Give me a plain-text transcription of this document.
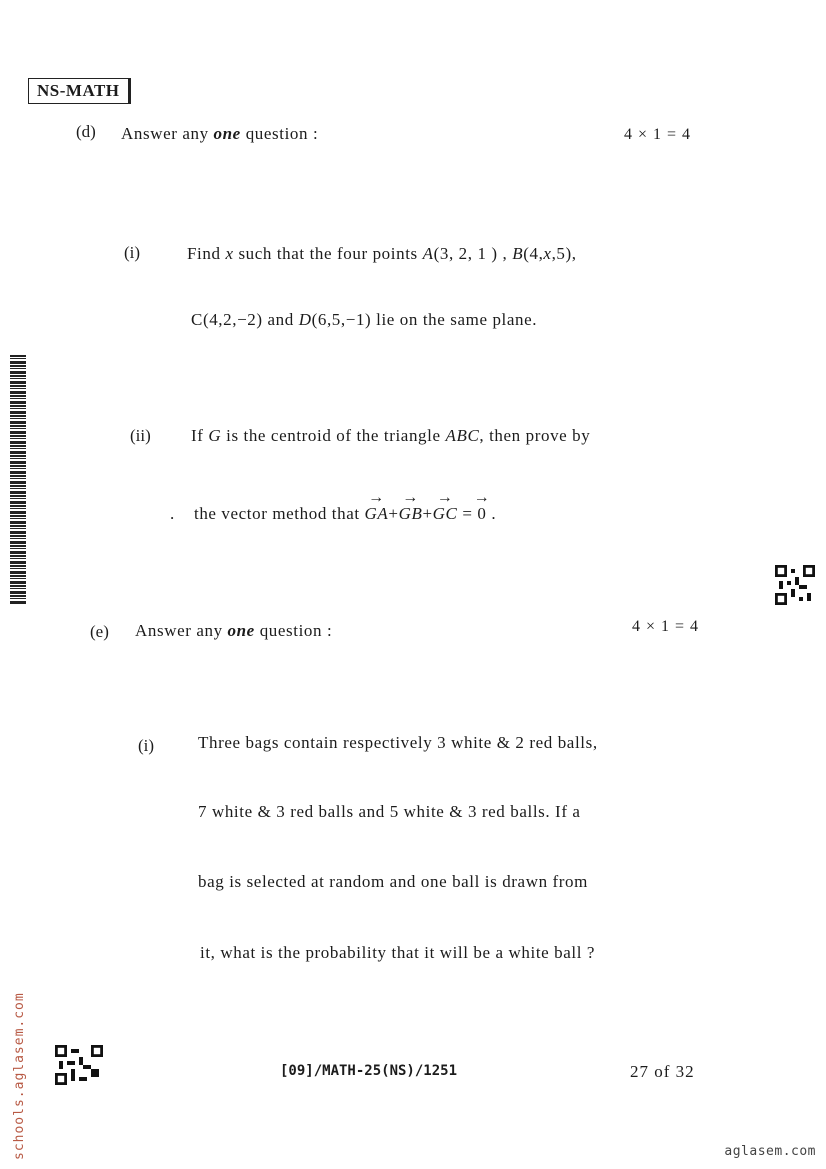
NS-MATH
(d) Answer any one question :	4 × 1 = 4
(i)	Find x such that the four points A(3, 2, 1 ) , B(4,x,5),
C(4,2,−2) and D(6,5,−1) lie on the same plane.
(ii) If G is the centroid of the triangle ABC, then prove by
. the vector method that → GA+→ GB+→ GC = → 0 .
(e) Answer any one question :	4 × 1 = 4
(i)	Three bags contain respectively 3 white & 2 red balls,
7 white & 3 red balls and 5 white & 3 red balls. If a
bag is selected at random and one ball is drawn from
it, what is the probability that it will be a white ball ?
[09]/MATH-25(NS)/1251	27 of 32
aglasem.com
schools.aglasem.com
